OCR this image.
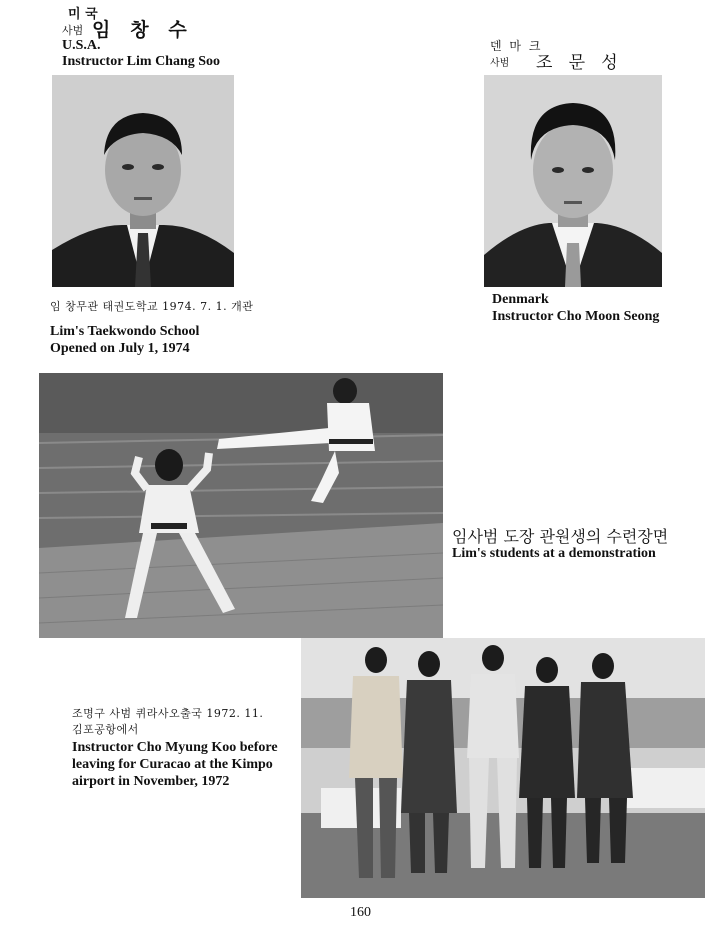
미 국
사범 임   창   수
U.S.A.
Instructor Lim Chang Soo
덴 마 크
사범 조   문   성
Denmark
Instructor Cho Moon Seong
임 창무관 태권도학교 1974. 7. 1. 개관
Lim's Taekwondo School
Opened on July 1, 1974
임사범 도장 관원생의 수련장면
Lim's students at a demonstration
조명구 사범 퀴라사오출국 1972. 11.
김포공항에서
Instructor Cho Myung Koo before
leaving for Curacao at the Kimpo
airport in November, 1972
160
